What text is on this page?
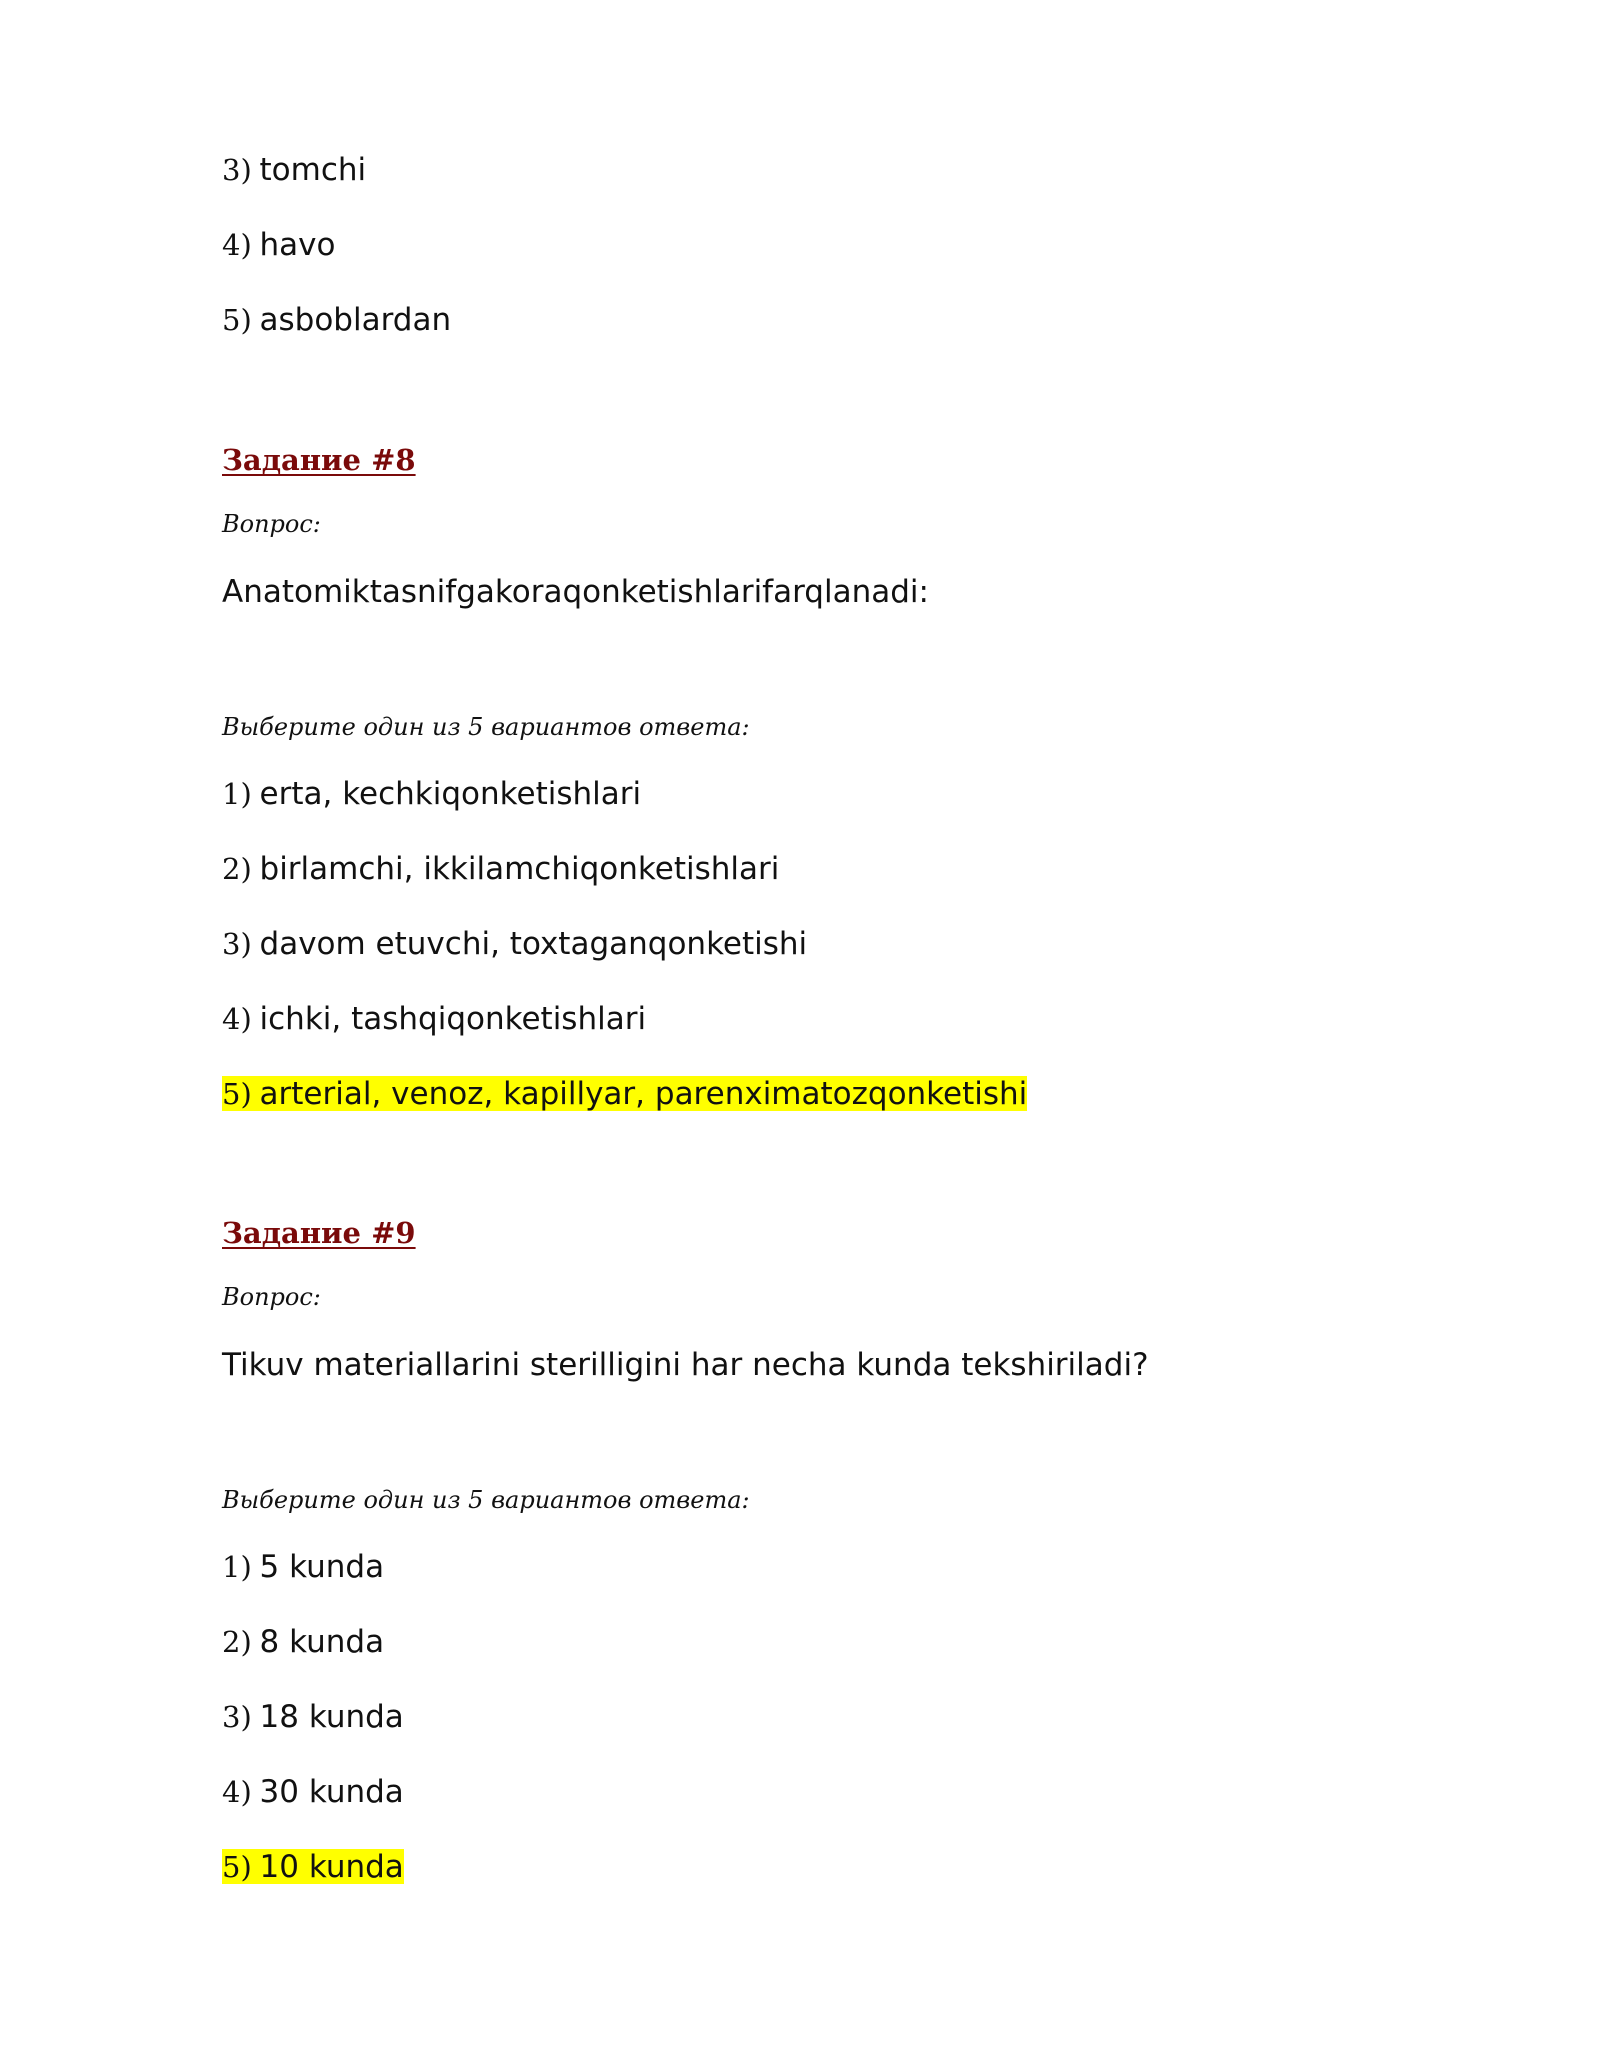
3) tomchi

4) havo

5) asboblardan

Задание #8

Вопрос:

Anatomiktasnifgakoraqonketishlarifarqlanadi:

Выберите один из 5 вариантов ответа:

1) erta, kechkiqonketishlari

2) birlamchi, ikkilamchiqonketishlari

3) davom etuvchi, toxtaganqonketishi

4) ichki, tashqiqonketishlari

5) arterial, venoz, kapillyar, parenximatozqonketishi

Задание #9

Вопрос:

Tikuv materiallarini sterilligini har necha kunda tekshiriladi?

Выберите один из 5 вариантов ответа:

1) 5 kunda

2) 8 kunda

3) 18 kunda

4) 30 kunda

5) 10 kunda
